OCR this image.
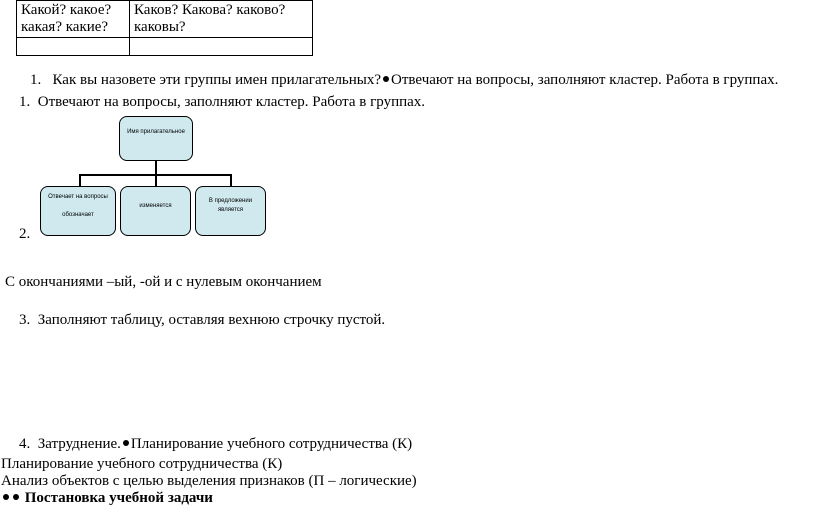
Какой? какое? какая? какие?	Каков? Какова? каково? каковы?

1. Как вы назовете эти группы имен прилагательных? Отвечают на вопросы, заполняют кластер. Работа в группах.
1. Отвечают на вопросы, заполняют кластер. Работа в группах.
Имя прилагательное
Отвечает на вопросы
обозначает
изменяется
В предложении
является
2.
С окончаниями –ый, -ой и с нулевым окончанием
3. Заполняют таблицу, оставляя вехнюю строчку пустой.
4. Затруднение. Планирование учебного сотрудничества (К)
Планирование учебного сотрудничества (К)
Анализ объектов с целью выделения признаков (П – логические)
Постановка учебной задачи
